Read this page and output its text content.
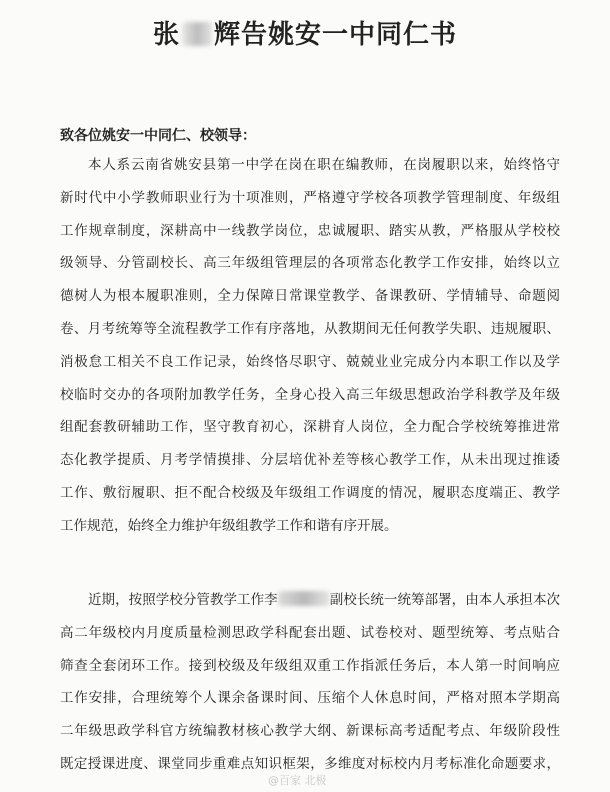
张 辉告姚安一中同仁书
致各位姚安一中同仁、校领导：
本人系云南省姚安县第一中学在岗在职在编教师，在岗履职以来，始终恪守
新时代中小学教师职业行为十项准则，严格遵守学校各项教学管理制度、年级组
工作规章制度，深耕高中一线教学岗位，忠诚履职、踏实从教，严格服从学校校
级领导、分管副校长、高三年级组管理层的各项常态化教学工作安排，始终以立
德树人为根本履职准则，全力保障日常课堂教学、备课教研、学情辅导、命题阅
卷、月考统筹等全流程教学工作有序落地，从教期间无任何教学失职、违规履职、
消极怠工相关不良工作记录，始终恪尽职守、兢兢业业完成分内本职工作以及学
校临时交办的各项附加教学任务，全身心投入高三年级思想政治学科教学及年级
组配套教研辅助工作，坚守教育初心，深耕育人岗位，全力配合学校统筹推进常
态化教学提质、月考学情摸排、分层培优补差等核心教学工作，从未出现过推诿
工作、敷衍履职、拒不配合校级及年级组工作调度的情况，履职态度端正、教学
工作规范，始终全力维护年级组教学工作和谐有序开展。
近期，按照学校分管教学工作李	副校长统一统筹部署，由本人承担本次
高二年级校内月度质量检测思政学科配套出题、试卷校对、题型统筹、考点贴合
筛查全套闭环工作。接到校级及年级组双重工作指派任务后，本人第一时间响应
工作安排，合理统筹个人课余备课时间、压缩个人休息时间，严格对照本学期高
二年级思政学科官方统编教材核心教学大纲、新课标高考适配考点、年级阶段性
既定授课进度、课堂同步重难点知识框架，多维度对标校内月考标准化命题要求，
@百家 北极
